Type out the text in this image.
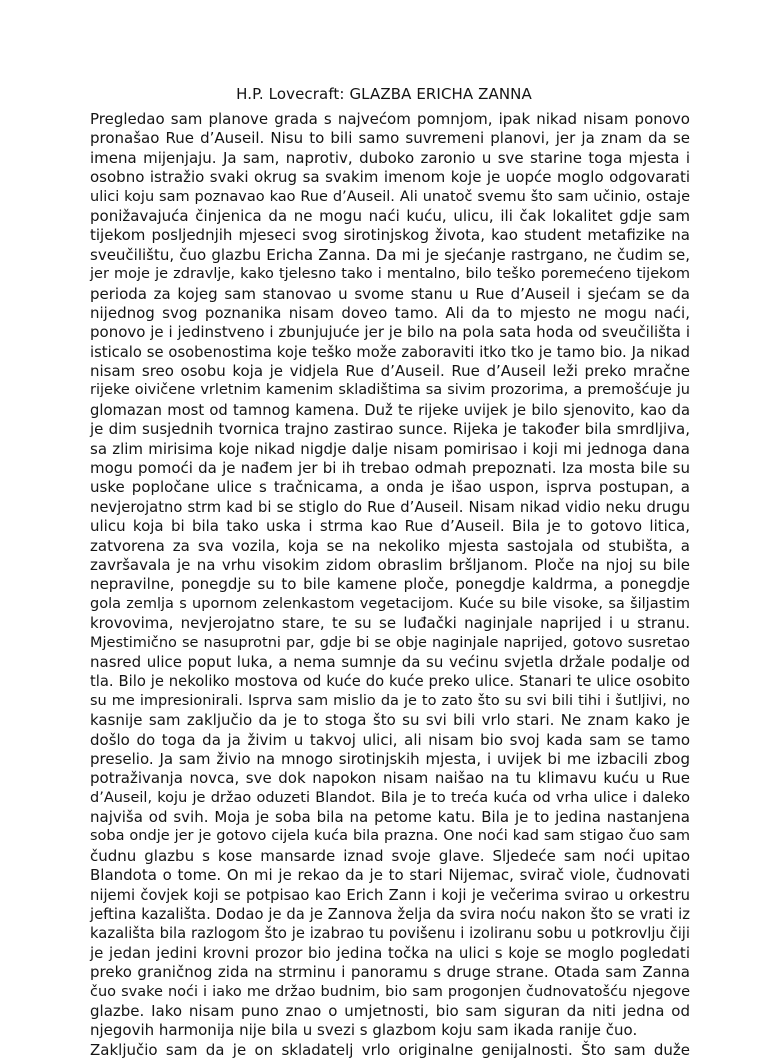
H.P. Lovecraft: GLAZBA ERICHA ZANNA
Pregledao sam planove grada s najvećom pomnjom, ipak nikad nisam ponovo
pronašao Rue d’Auseil. Nisu to bili samo suvremeni planovi, jer ja znam da se
imena mijenjaju. Ja sam, naprotiv, duboko zaronio u sve starine toga mjesta i
osobno istražio svaki okrug sa svakim imenom koje je uopće moglo odgovarati
ulici koju sam poznavao kao Rue d’Auseil. Ali unatoč svemu što sam učinio, ostaje
ponižavajuća činjenica da ne mogu naći kuću, ulicu, ili čak lokalitet gdje sam
tijekom posljednjih mjeseci svog sirotinjskog života, kao student metafizike na
sveučilištu, čuo glazbu Ericha Zanna. Da mi je sjećanje rastrgano, ne čudim se,
jer moje je zdravlje, kako tjelesno tako i mentalno, bilo teško poremećeno tijekom
perioda za kojeg sam stanovao u svome stanu u Rue d’Auseil i sjećam se da
nijednog svog poznanika nisam doveo tamo. Ali da to mjesto ne mogu naći,
ponovo je i jedinstveno i zbunjujuće jer je bilo na pola sata hoda od sveučilišta i
isticalo se osobenostima koje teško može zaboraviti itko tko je tamo bio. Ja nikad
nisam sreo osobu koja je vidjela Rue d’Auseil. Rue d’Auseil leži preko mračne
rijeke oivičene vrletnim kamenim skladištima sa sivim prozorima, a premošćuje ju
glomazan most od tamnog kamena. Duž te rijeke uvijek je bilo sjenovito, kao da
je dim susjednih tvornica trajno zastirao sunce. Rijeka je također bila smrdljiva,
sa zlim mirisima koje nikad nigdje dalje nisam pomirisao i koji mi jednoga dana
mogu pomoći da je nađem jer bi ih trebao odmah prepoznati. Iza mosta bile su
uske popločane ulice s tračnicama, a onda je išao uspon, isprva postupan, a
nevjerojatno strm kad bi se stiglo do Rue d’Auseil. Nisam nikad vidio neku drugu
ulicu koja bi bila tako uska i strma kao Rue d’Auseil. Bila je to gotovo litica,
zatvorena za sva vozila, koja se na nekoliko mjesta sastojala od stubišta, a
završavala je na vrhu visokim zidom obraslim bršljanom. Ploče na njoj su bile
nepravilne, ponegdje su to bile kamene ploče, ponegdje kaldrma, a ponegdje
gola zemlja s upornom zelenkastom vegetacijom. Kuće su bile visoke, sa šiljastim
krovovima, nevjerojatno stare, te su se luđački naginjale naprijed i u stranu.
Mjestimično se nasuprotni par, gdje bi se obje naginjale naprijed, gotovo susretao
nasred ulice poput luka, a nema sumnje da su većinu svjetla držale podalje od
tla. Bilo je nekoliko mostova od kuće do kuće preko ulice. Stanari te ulice osobito
su me impresionirali. Isprva sam mislio da je to zato što su svi bili tihi i šutljivi, no
kasnije sam zaključio da je to stoga što su svi bili vrlo stari. Ne znam kako je
došlo do toga da ja živim u takvoj ulici, ali nisam bio svoj kada sam se tamo
preselio. Ja sam živio na mnogo sirotinjskih mjesta, i uvijek bi me izbacili zbog
potraživanja novca, sve dok napokon nisam naišao na tu klimavu kuću u Rue
d’Auseil, koju je držao oduzeti Blandot. Bila je to treća kuća od vrha ulice i daleko
najviša od svih. Moja je soba bila na petome katu. Bila je to jedina nastanjena
soba ondje jer je gotovo cijela kuća bila prazna. One noći kad sam stigao čuo sam
čudnu glazbu s kose mansarde iznad svoje glave. Sljedeće sam noći upitao
Blandota o tome. On mi je rekao da je to stari Nijemac, svirač viole, čudnovati
nijemi čovjek koji se potpisao kao Erich Zann i koji je večerima svirao u orkestru
jeftina kazališta. Dodao je da je Zannova želja da svira noću nakon što se vrati iz
kazališta bila razlogom što je izabrao tu povišenu i izoliranu sobu u potkrovlju čiji
je jedan jedini krovni prozor bio jedina točka na ulici s koje se moglo pogledati
preko graničnog zida na strminu i panoramu s druge strane. Otada sam Zanna
čuo svake noći i iako me držao budnim, bio sam progonjen čudnovatošću njegove
glazbe. Iako nisam puno znao o umjetnosti, bio sam siguran da niti jedna od
njegovih harmonija nije bila u svezi s glazbom koju sam ikada ranije čuo.
Zaključio sam da je on skladatelj vrlo originalne genijalnosti. Što sam duže
